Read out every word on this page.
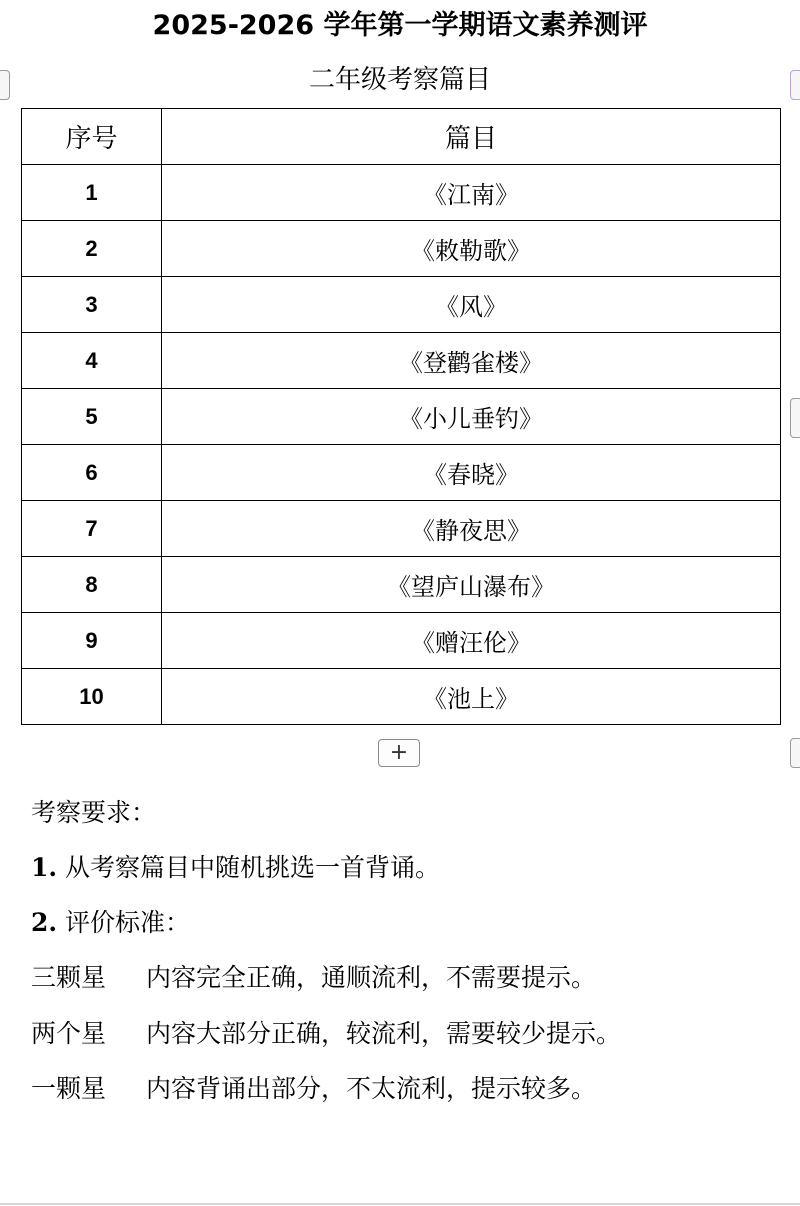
2025-2026 学年第一学期语文素养测评
二年级考察篇目
序号	篇目
1	《江南》
2	《敕勒歌》
3	《风》
4	《登鹳雀楼》
5	《小儿垂钓》
6	《春晓》
7	《静夜思》
8	《望庐山瀑布》
9	《赠汪伦》
10	《池上》
+
考察要求：
1. 从考察篇目中随机挑选一首背诵。
2. 评价标准：
三颗星 内容完全正确，通顺流利，不需要提示。
两个星 内容大部分正确，较流利，需要较少提示。
一颗星 内容背诵出部分，不太流利，提示较多。
